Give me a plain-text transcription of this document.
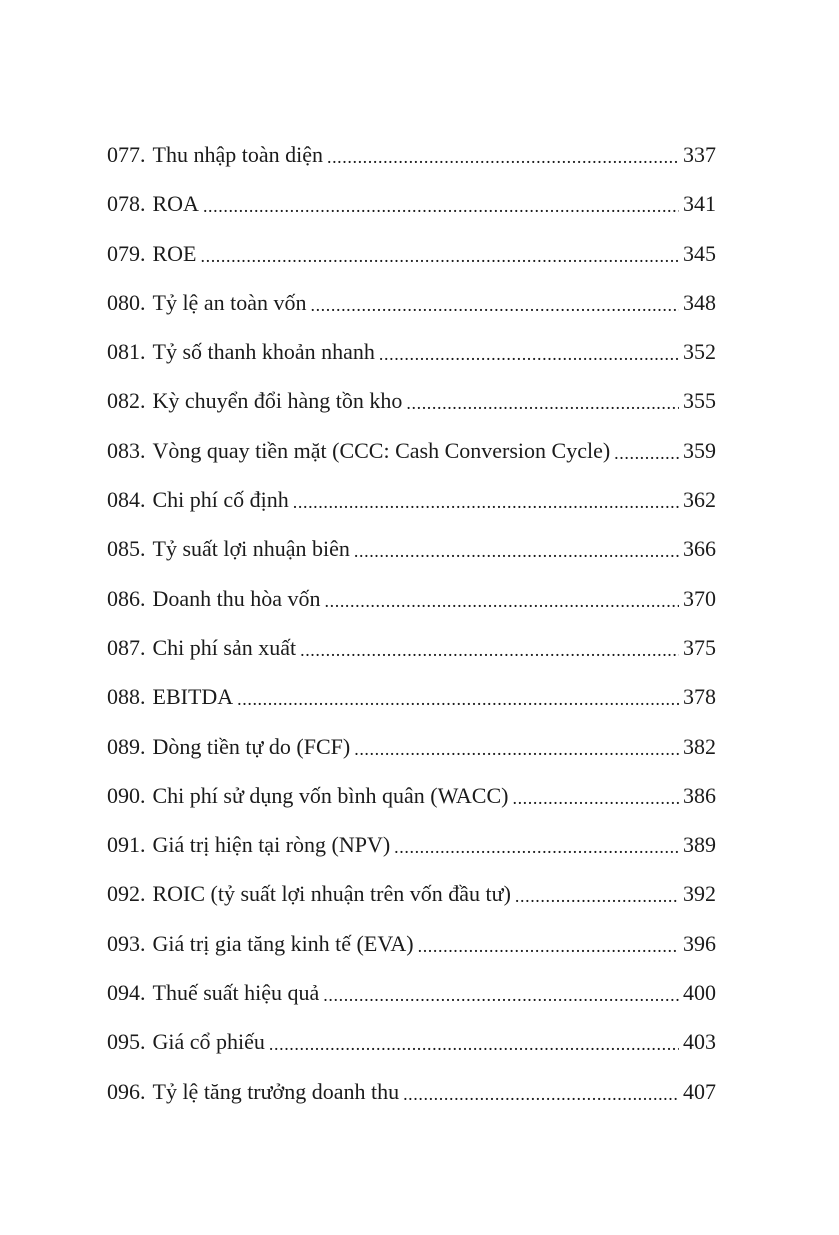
077. Thu nhập toàn diện .....	337
078. ROA .....	341
079. ROE .....	345
080. Tỷ lệ an toàn vốn .....	348
081. Tỷ số thanh khoản nhanh .....	352
082. Kỳ chuyển đổi hàng tồn kho .....	355
083. Vòng quay tiền mặt (CCC: Cash Conversion Cycle) .....	359
084. Chi phí cố định .....	362
085. Tỷ suất lợi nhuận biên .....	366
086. Doanh thu hòa vốn .....	370
087. Chi phí sản xuất .....	375
088. EBITDA .....	378
089. Dòng tiền tự do (FCF) .....	382
090. Chi phí sử dụng vốn bình quân (WACC) .....	386
091. Giá trị hiện tại ròng (NPV) .....	389
092. ROIC (tỷ suất lợi nhuận trên vốn đầu tư) .....	392
093. Giá trị gia tăng kinh tế (EVA) .....	396
094. Thuế suất hiệu quả .....	400
095. Giá cổ phiếu .....	403
096. Tỷ lệ tăng trưởng doanh thu .....	407
